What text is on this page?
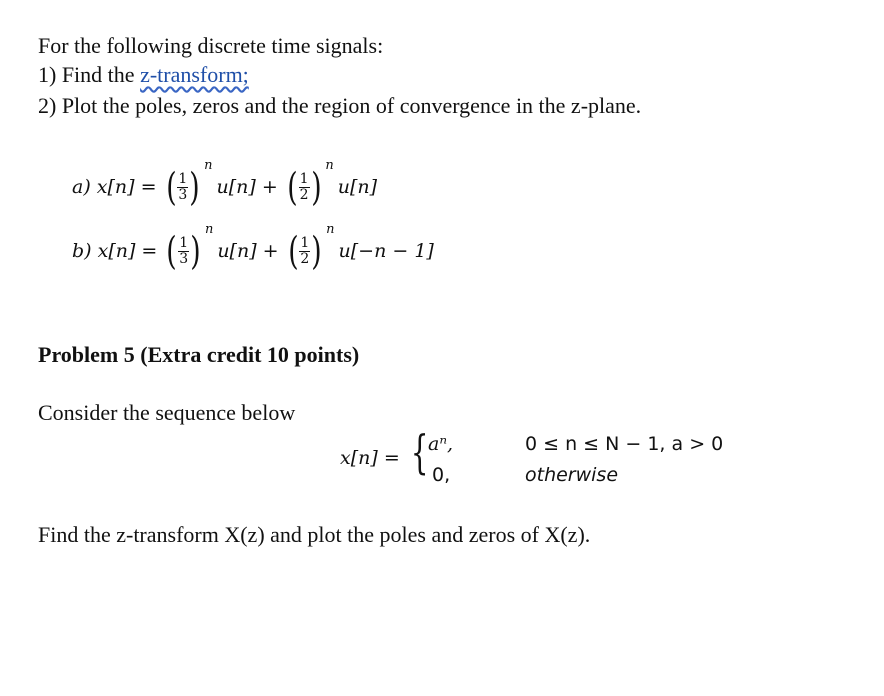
For the following discrete time signals:
1) Find the z-transform;
2) Plot the poles, zeros and the region of convergence in the z-plane.
a) x[n] = ( $\frac{1}{3}$ ) n
u[n] + ( $\frac{1}{2}$ ) n
u[n]
b) x[n] = ( $\frac{1}{3}$ ) n
u[n] + ( $\frac{1}{2}$ ) n
u[−n − 1]
Problem 5 (Extra credit 10 points)
Consider the sequence below
x[n] = { aⁿ,
0,
0 ≤ n ≤ N − 1, a > 0
otherwise
Find the z-transform X(z) and plot the poles and zeros of X(z).
